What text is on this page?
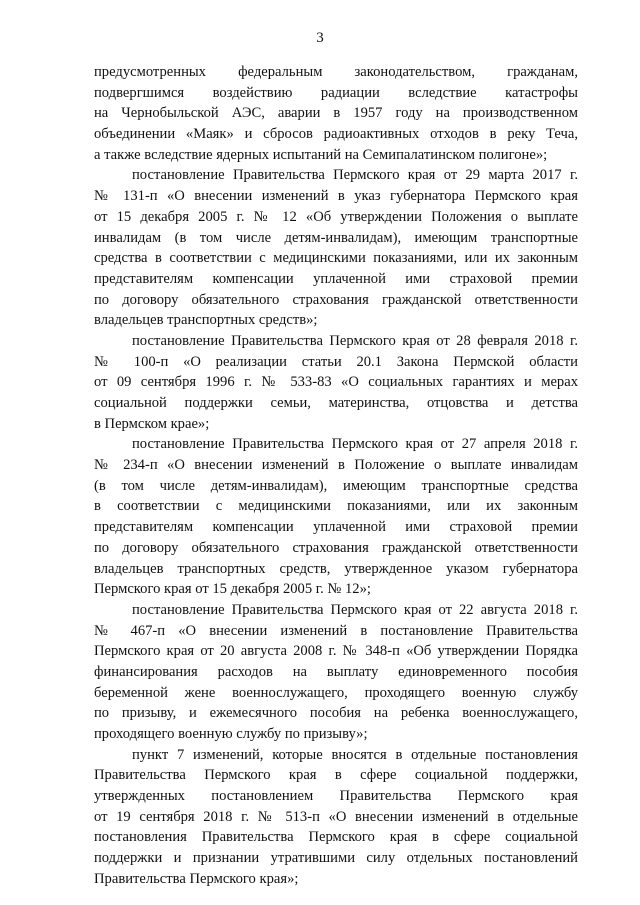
3
предусмотренных федеральным законодательством, гражданам,
подвергшимся воздействию радиации вследствие катастрофы
на Чернобыльской АЭС, аварии в 1957 году на производственном
объединении «Маяк» и сбросов радиоактивных отходов в реку Теча,
а также вследствие ядерных испытаний на Семипалатинском полигоне»;
постановление Правительства Пермского края от 29 марта 2017 г.
№ 131-п «О внесении изменений в указ губернатора Пермского края
от 15 декабря 2005 г. № 12 «Об утверждении Положения о выплате
инвалидам (в том числе детям-инвалидам), имеющим транспортные
средства в соответствии с медицинскими показаниями, или их законным
представителям компенсации уплаченной ими страховой премии
по договору обязательного страхования гражданской ответственности
владельцев транспортных средств»;
постановление Правительства Пермского края от 28 февраля 2018 г.
№ 100-п «О реализации статьи 20.1 Закона Пермской области
от 09 сентября 1996 г. № 533-83 «О социальных гарантиях и мерах
социальной поддержки семьи, материнства, отцовства и детства
в Пермском крае»;
постановление Правительства Пермского края от 27 апреля 2018 г.
№ 234-п «О внесении изменений в Положение о выплате инвалидам
(в том числе детям-инвалидам), имеющим транспортные средства
в соответствии с медицинскими показаниями, или их законным
представителям компенсации уплаченной ими страховой премии
по договору обязательного страхования гражданской ответственности
владельцев транспортных средств, утвержденное указом губернатора
Пермского края от 15 декабря 2005 г. № 12»;
постановление Правительства Пермского края от 22 августа 2018 г.
№ 467-п «О внесении изменений в постановление Правительства
Пермского края от 20 августа 2008 г. № 348-п «Об утверждении Порядка
финансирования расходов на выплату единовременного пособия
беременной жене военнослужащего, проходящего военную службу
по призыву, и ежемесячного пособия на ребенка военнослужащего,
проходящего военную службу по призыву»;
пункт 7 изменений, которые вносятся в отдельные постановления
Правительства Пермского края в сфере социальной поддержки,
утвержденных постановлением Правительства Пермского края
от 19 сентября 2018 г. № 513-п «О внесении изменений в отдельные
постановления Правительства Пермского края в сфере социальной
поддержки и признании утратившими силу отдельных постановлений
Правительства Пермского края»;
